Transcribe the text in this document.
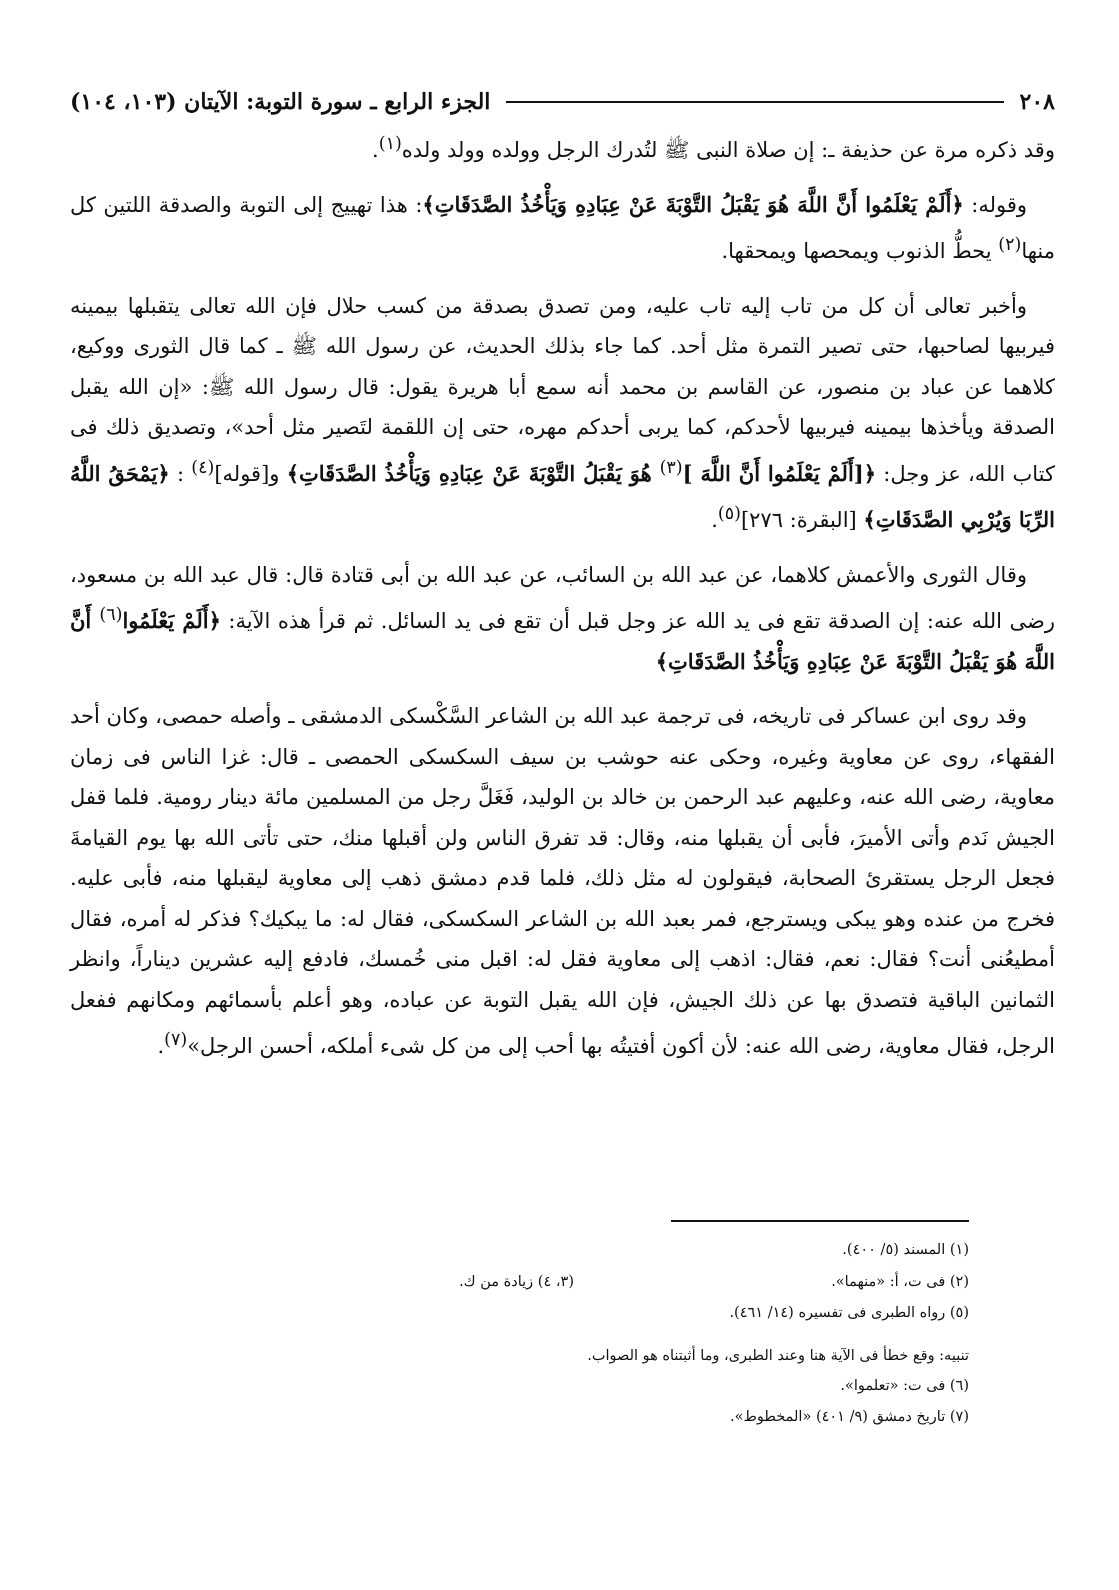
٢٠٨
الجزء الرابع ـ سورة التوبة: الآيتان (١٠٣، ١٠٤)

وقد ذكره مرة عن حذيفة ـ: إن صلاة النبى ﷺ لتُدرك الرجل وولده وولد ولده$^{(١)}$.

وقوله: ﴿أَلَمْ يَعْلَمُوا أَنَّ اللَّهَ هُوَ يَقْبَلُ التَّوْبَةَ عَنْ عِبَادِهِ وَيَأْخُذُ الصَّدَقَاتِ﴾: هذا تهييج إلى التوبة والصدقة اللتين كل منها$^{(٢)}$ يحطُّ الذنوب ويمحصها ويمحقها.

وأخبر تعالى أن كل من تاب إليه تاب عليه، ومن تصدق بصدقة من كسب حلال فإن الله تعالى يتقبلها بيمينه فيربيها لصاحبها، حتى تصير التمرة مثل أحد. كما جاء بذلك الحديث، عن رسول الله ﷺ ـ كما قال الثورى ووكيع، كلاهما عن عباد بن منصور، عن القاسم بن محمد أنه سمع أبا هريرة يقول: قال رسول الله ﷺ: «إن الله يقبل الصدقة ويأخذها بيمينه فيربيها لأحدكم، كما يربى أحدكم مهره، حتى إن اللقمة لتَصير مثل أحد»، وتصديق ذلك فى كتاب الله، عز وجل: ﴿[أَلَمْ يَعْلَمُوا أَنَّ اللَّهَ ]$^{(٣)}$ هُوَ يَقْبَلُ التَّوْبَةَ عَنْ عِبَادِهِ وَيَأْخُذُ الصَّدَقَاتِ﴾ و[قوله]$^{(٤)}$ : ﴿يَمْحَقُ اللَّهُ الرِّبَا وَيُرْبِي الصَّدَقَاتِ﴾ [البقرة: ٢٧٦]$^{(٥)}$.

وقال الثورى والأعمش كلاهما، عن عبد الله بن السائب، عن عبد الله بن أبى قتادة قال: قال عبد الله بن مسعود، رضى الله عنه: إن الصدقة تقع فى يد الله عز وجل قبل أن تقع فى يد السائل. ثم قرأ هذه الآية: ﴿أَلَمْ يَعْلَمُوا$^{(٦)}$ أَنَّ اللَّهَ هُوَ يَقْبَلُ التَّوْبَةَ عَنْ عِبَادِهِ وَيَأْخُذُ الصَّدَقَاتِ﴾

وقد روى ابن عساكر فى تاريخه، فى ترجمة عبد الله بن الشاعر السَّكْسكى الدمشقى ـ وأصله حمصى، وكان أحد الفقهاء، روى عن معاوية وغيره، وحكى عنه حوشب بن سيف السكسكى الحمصى ـ قال: غزا الناس فى زمان معاوية، رضى الله عنه، وعليهم عبد الرحمن بن خالد بن الوليد، فَغَلَّ رجل من المسلمين مائة دينار رومية. فلما قفل الجيش نَدم وأتى الأميرَ، فأبى أن يقبلها منه، وقال: قد تفرق الناس ولن أقبلها منك، حتى تأتى الله بها يوم القيامةَ فجعل الرجل يستقرئ الصحابة، فيقولون له مثل ذلك، فلما قدم دمشق ذهب إلى معاوية ليقبلها منه، فأبى عليه. فخرج من عنده وهو يبكى ويسترجع، فمر بعبد الله بن الشاعر السكسكى، فقال له: ما يبكيك؟ فذكر له أمره، فقال أمطيعُنى أنت؟ فقال: نعم، فقال: اذهب إلى معاوية فقل له: اقبل منى خُمسك، فادفع إليه عشرين ديناراً، وانظر الثمانين الباقية فتصدق بها عن ذلك الجيش، فإن الله يقبل التوبة عن عباده، وهو أعلم بأسمائهم ومكانهم ففعل الرجل، فقال معاوية، رضى الله عنه: لأن أكون أفتيتُه بها أحب إلى من كل شىء أملكه، أحسن الرجل»$^{(٧)}$.

(١) المسند (٥/ ٤٠٠).
(٢) فى ت، أ: «منهما».
(٣، ٤) زيادة من ك.
(٥) رواه الطبرى فى تفسيره (١٤/ ٤٦١).
تنبيه: وقع خطأ فى الآية هنا وعند الطبرى، وما أثبتناه هو الصواب.
(٦) فى ت: «تعلموا».
(٧) تاريخ دمشق (٩/ ٤٠١) «المخطوط».
